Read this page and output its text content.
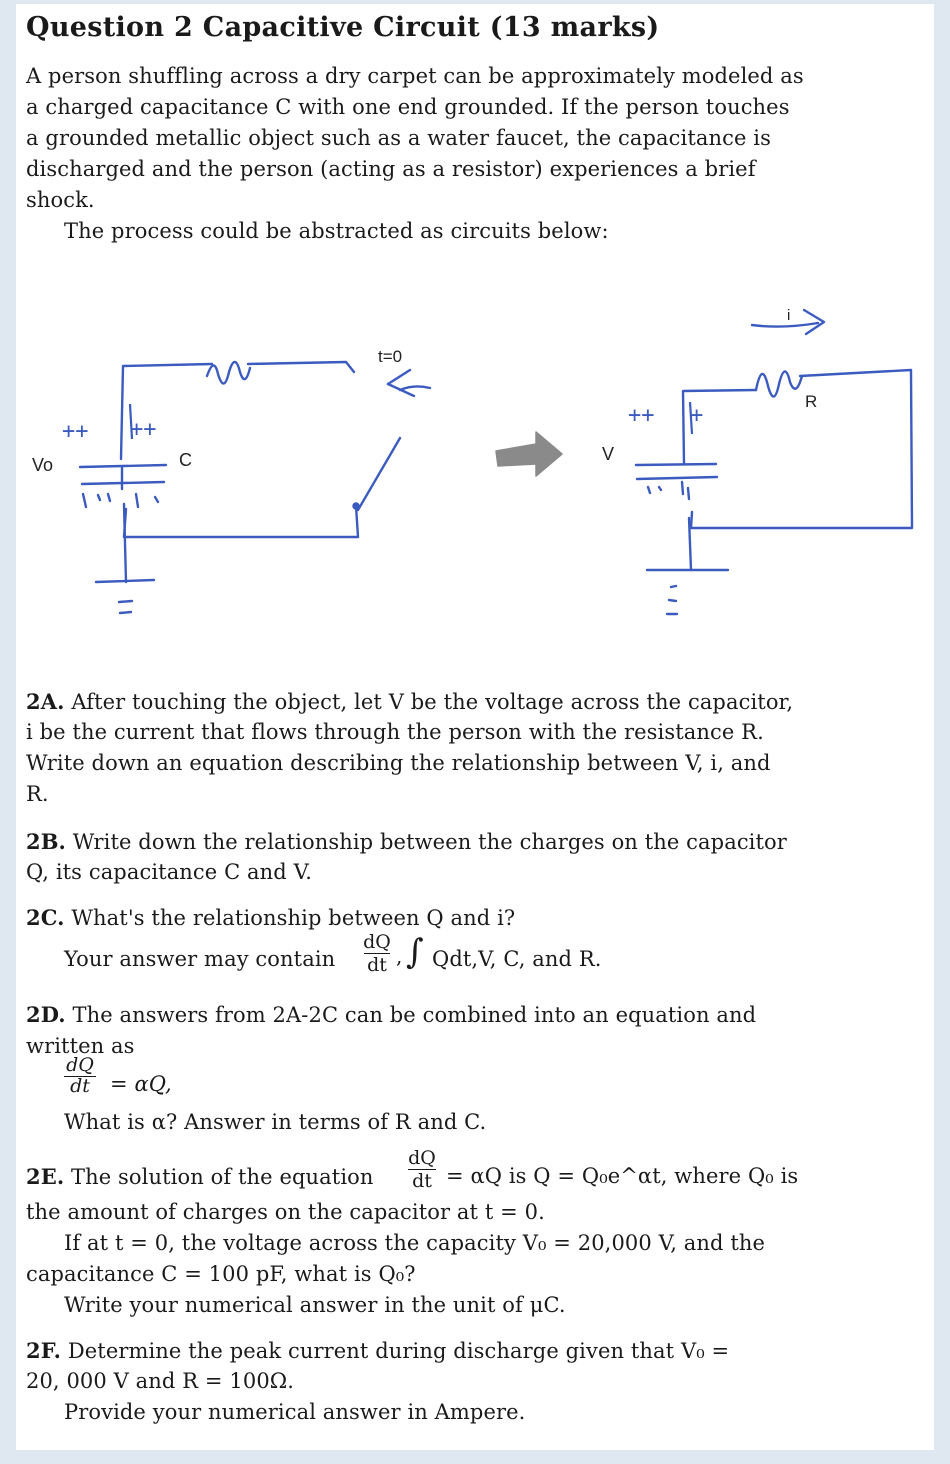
Question 2 Capacitive Circuit (13 marks)
A person shuffling across a dry carpet can be approximately modeled as
a charged capacitance C with one end grounded. If the person touches
a grounded metallic object such as a water faucet, the capacitance is
discharged and the person (acting as a resistor) experiences a brief
shock.
The process could be abstracted as circuits below:
++ ++
++ +
Vo	C
t=0
V
R
i
2A. After touching the object, let V be the voltage across the capacitor,
i be the current that flows through the person with the resistance R.
Write down an equation describing the relationship between V, i, and
R.
2B. Write down the relationship between the charges on the capacitor
Q, its capacitance C and V.
2C. What's the relationship between Q and i?
Your answer may contain
dQ
dt , ∫ Qdt,V, C, and R.
2D. The answers from 2A-2C can be combined into an equation and
written as
dQ
dt = αQ,
What is α? Answer in terms of R and C.
2E. The solution of the equation
dQ
dt = αQ is Q = Q₀e^αt, where Q₀ is
the amount of charges on the capacitor at t = 0.
If at t = 0, the voltage across the capacity V₀ = 20,000 V, and the
capacitance C = 100 pF, what is Q₀?
Write your numerical answer in the unit of μC.
2F. Determine the peak current during discharge given that V₀ =
20, 000 V and R = 100Ω.
Provide your numerical answer in Ampere.
